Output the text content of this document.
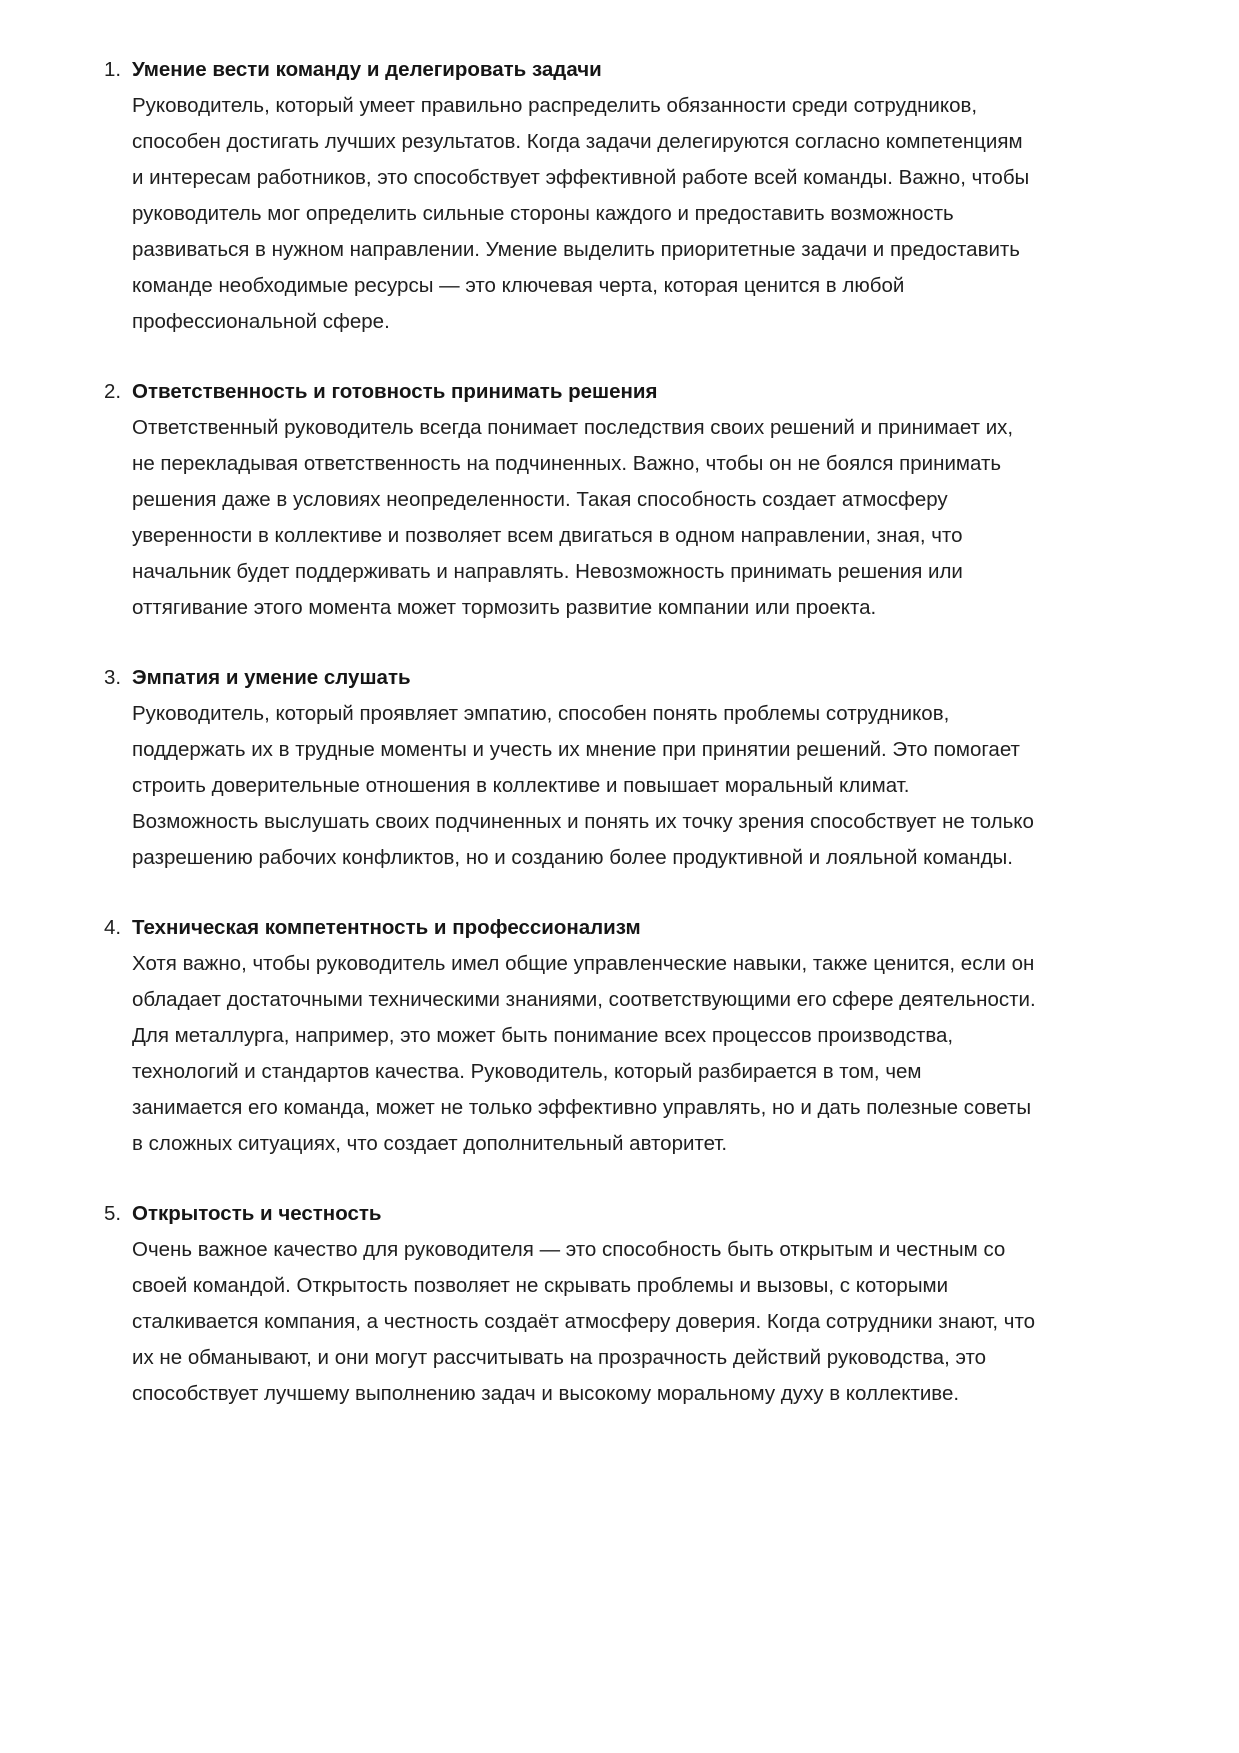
1. Умение вести команду и делегировать задачи

Руководитель, который умеет правильно распределить обязанности среди сотрудников, способен достигать лучших результатов. Когда задачи делегируются согласно компетенциям и интересам работников, это способствует эффективной работе всей команды. Важно, чтобы руководитель мог определить сильные стороны каждого и предоставить возможность развиваться в нужном направлении. Умение выделить приоритетные задачи и предоставить команде необходимые ресурсы — это ключевая черта, которая ценится в любой профессиональной сфере.

2. Ответственность и готовность принимать решения

Ответственный руководитель всегда понимает последствия своих решений и принимает их, не перекладывая ответственность на подчиненных. Важно, чтобы он не боялся принимать решения даже в условиях неопределенности. Такая способность создает атмосферу уверенности в коллективе и позволяет всем двигаться в одном направлении, зная, что начальник будет поддерживать и направлять. Невозможность принимать решения или оттягивание этого момента может тормозить развитие компании или проекта.

3. Эмпатия и умение слушать

Руководитель, который проявляет эмпатию, способен понять проблемы сотрудников, поддержать их в трудные моменты и учесть их мнение при принятии решений. Это помогает строить доверительные отношения в коллективе и повышает моральный климат. Возможность выслушать своих подчиненных и понять их точку зрения способствует не только разрешению рабочих конфликтов, но и созданию более продуктивной и лояльной команды.

4. Техническая компетентность и профессионализм

Хотя важно, чтобы руководитель имел общие управленческие навыки, также ценится, если он обладает достаточными техническими знаниями, соответствующими его сфере деятельности. Для металлурга, например, это может быть понимание всех процессов производства, технологий и стандартов качества. Руководитель, который разбирается в том, чем занимается его команда, может не только эффективно управлять, но и дать полезные советы в сложных ситуациях, что создает дополнительный авторитет.

5. Открытость и честность

Очень важное качество для руководителя — это способность быть открытым и честным со своей командой. Открытость позволяет не скрывать проблемы и вызовы, с которыми сталкивается компания, а честность создаёт атмосферу доверия. Когда сотрудники знают, что их не обманывают, и они могут рассчитывать на прозрачность действий руководства, это способствует лучшему выполнению задач и высокому моральному духу в коллективе.
